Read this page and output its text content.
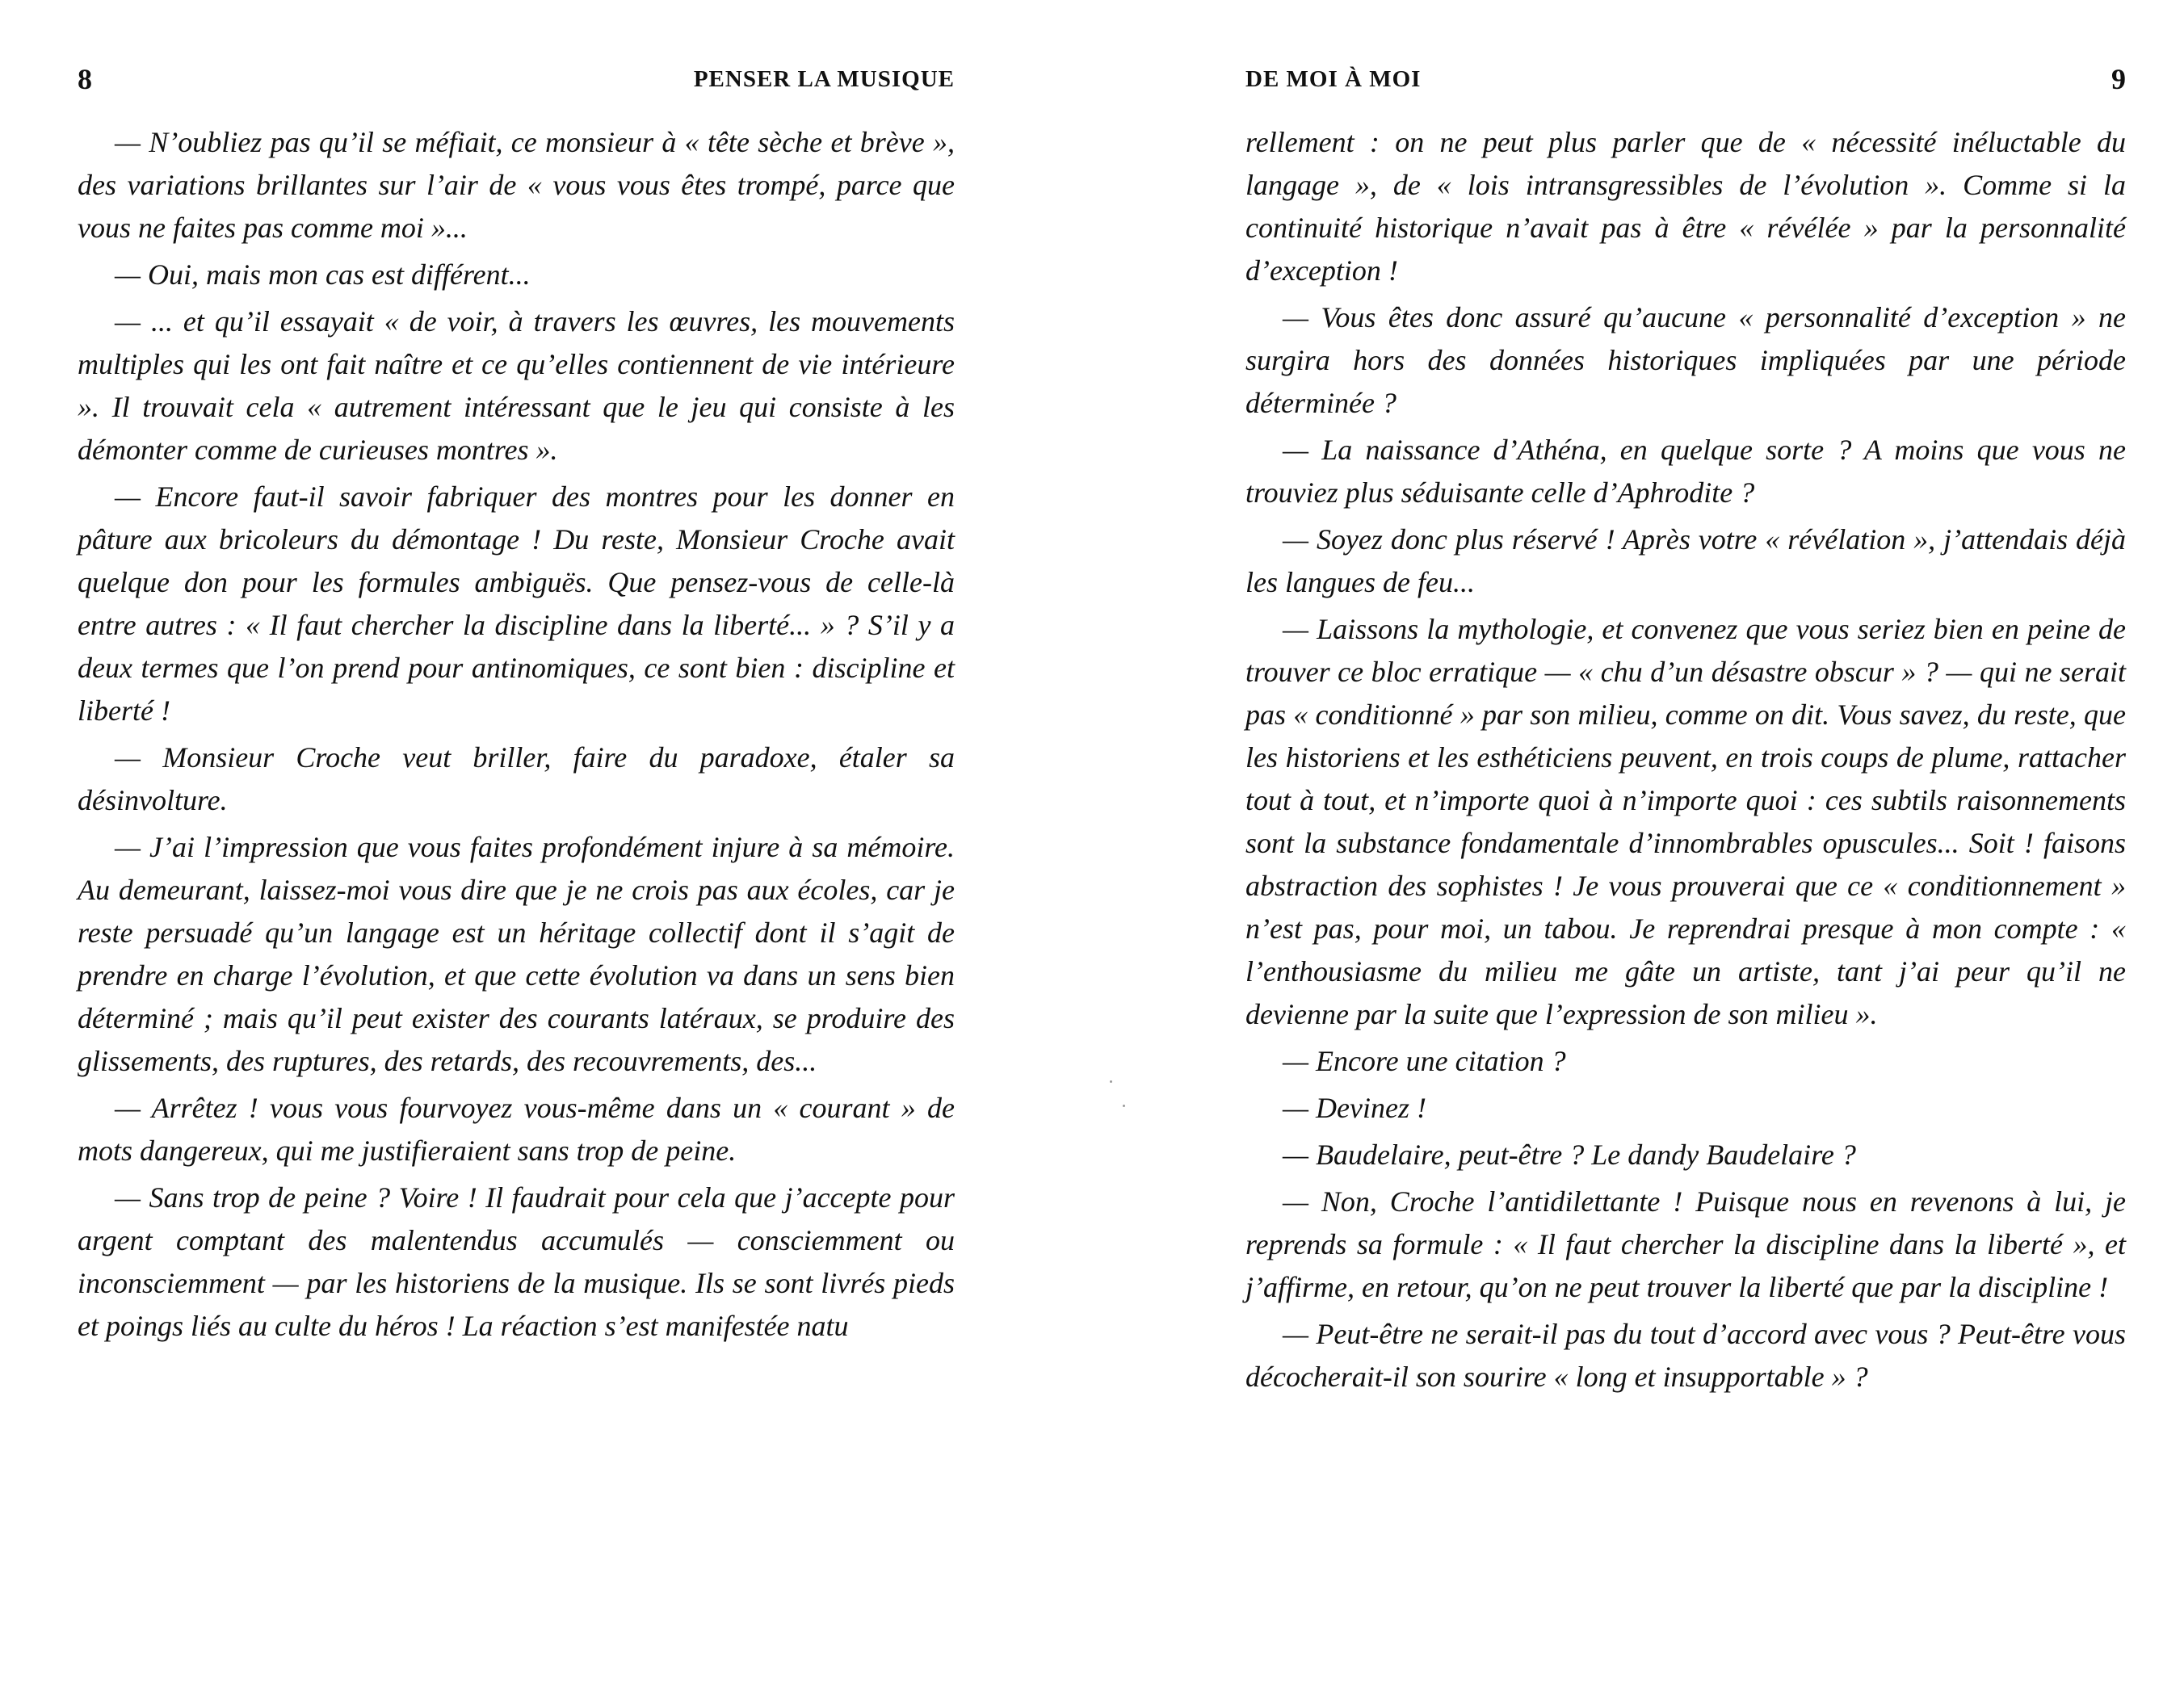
8	PENSER LA MUSIQUE

— N’oubliez pas qu’il se méfiait, ce monsieur à « tête sèche et brève », des variations brillantes sur l’air de « vous vous êtes trompé, parce que vous ne faites pas comme moi »...

— Oui, mais mon cas est différent...

— ... et qu’il essayait « de voir, à travers les œuvres, les mouvements multiples qui les ont fait naître et ce qu’elles contiennent de vie intérieure ». Il trouvait cela « autrement intéressant que le jeu qui consiste à les démonter comme de curieuses montres ».

— Encore faut-il savoir fabriquer des montres pour les donner en pâture aux bricoleurs du démontage ! Du reste, Monsieur Croche avait quelque don pour les formules ambiguës. Que pensez-vous de celle-là entre autres : « Il faut chercher la discipline dans la liberté... » ? S’il y a deux termes que l’on prend pour antinomiques, ce sont bien : discipline et liberté !

— Monsieur Croche veut briller, faire du paradoxe, étaler sa désinvolture.

— J’ai l’impression que vous faites profondément injure à sa mémoire. Au demeurant, laissez-moi vous dire que je ne crois pas aux écoles, car je reste persuadé qu’un langage est un héritage collectif dont il s’agit de prendre en charge l’évolution, et que cette évolution va dans un sens bien déterminé ; mais qu’il peut exister des courants latéraux, se produire des glissements, des ruptures, des retards, des recouvrements, des...

— Arrêtez ! vous vous fourvoyez vous-même dans un « courant » de mots dangereux, qui me justifieraient sans trop de peine.

— Sans trop de peine ? Voire ! Il faudrait pour cela que j’accepte pour argent comptant des malentendus accumulés — consciemment ou inconsciemment — par les historiens de la musique. Ils se sont livrés pieds et poings liés au culte du héros ! La réaction s’est manifestée natu

DE MOI À MOI	9

rellement : on ne peut plus parler que de « nécessité inéluctable du langage », de « lois intransgressibles de l’évolution ». Comme si la continuité historique n’avait pas à être « révélée » par la personnalité d’exception !

— Vous êtes donc assuré qu’aucune « personnalité d’exception » ne surgira hors des données historiques impliquées par une période déterminée ?

— La naissance d’Athéna, en quelque sorte ? A moins que vous ne trouviez plus séduisante celle d’Aphrodite ?

— Soyez donc plus réservé ! Après votre « révélation », j’attendais déjà les langues de feu...

— Laissons la mythologie, et convenez que vous seriez bien en peine de trouver ce bloc erratique — « chu d’un désastre obscur » ? — qui ne serait pas « conditionné » par son milieu, comme on dit. Vous savez, du reste, que les historiens et les esthéticiens peuvent, en trois coups de plume, rattacher tout à tout, et n’importe quoi à n’importe quoi : ces subtils raisonnements sont la substance fondamentale d’innombrables opuscules... Soit ! faisons abstraction des sophistes ! Je vous prouverai que ce « conditionnement » n’est pas, pour moi, un tabou. Je reprendrai presque à mon compte : « l’enthousiasme du milieu me gâte un artiste, tant j’ai peur qu’il ne devienne par la suite que l’expression de son milieu ».

— Encore une citation ?

— Devinez !

— Baudelaire, peut-être ? Le dandy Baudelaire ?

— Non, Croche l’antidilettante ! Puisque nous en revenons à lui, je reprends sa formule : « Il faut chercher la discipline dans la liberté », et j’affirme, en retour, qu’on ne peut trouver la liberté que par la discipline !

— Peut-être ne serait-il pas du tout d’accord avec vous ? Peut-être vous décocherait-il son sourire « long et insupportable » ?
